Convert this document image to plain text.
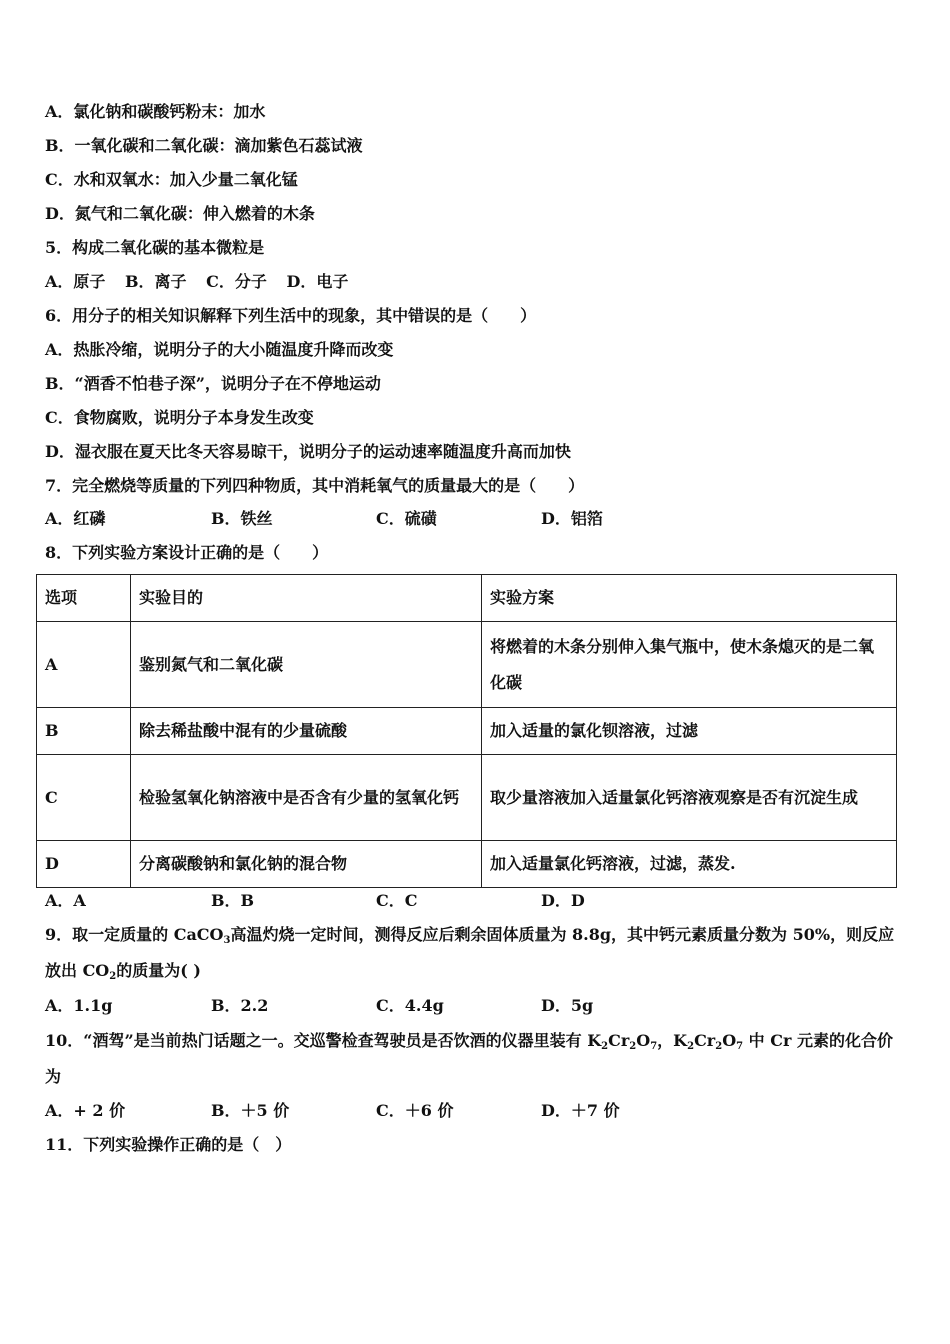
A．氯化钠和碳酸钙粉末：加水
B．一氧化碳和二氧化碳：滴加紫色石蕊试液
C．水和双氧水：加入少量二氧化锰
D．氮气和二氧化碳：伸入燃着的木条
5．构成二氧化碳的基本微粒是
A．原子 B．离子 C．分子 D．电子
6．用分子的相关知识解释下列生活中的现象，其中错误的是（　　）
A．热胀冷缩，说明分子的大小随温度升降而改变
B．“酒香不怕巷子深”，说明分子在不停地运动
C．食物腐败，说明分子本身发生改变
D．湿衣服在夏天比冬天容易晾干，说明分子的运动速率随温度升高而加快
7．完全燃烧等质量的下列四种物质，其中消耗氧气的质量最大的是（　　）
A．红磷	B．铁丝	C．硫磺	D．铝箔
8．下列实验方案设计正确的是（　　）
选项	实验目的	实验方案
A	鉴别氮气和二氧化碳	将燃着的木条分别伸入集气瓶中，使木条熄灭的是二氧化碳
B	除去稀盐酸中混有的少量硫酸	加入适量的氯化钡溶液，过滤
C	检验氢氧化钠溶液中是否含有少量的氢氧化钙	取少量溶液加入适量氯化钙溶液观察是否有沉淀生成
D	分离碳酸钠和氯化钠的混合物	加入适量氯化钙溶液，过滤，蒸发.
A．A	B．B	C．C	D．D
9．取一定质量的 CaCO$_3$高温灼烧一定时间，测得反应后剩余固体质量为 8.8g，其中钙元素质量分数为 50%，则反应放出 $CO_2$的质量为( )
A．1.1g	B．2.2	C．4.4g	D．5g
10．“酒驾”是当前热门话题之一。交巡警检查驾驶员是否饮酒的仪器里装有 $K_2Cr_2O_7$，$K_2Cr_2O_7$ 中 Cr 元素的化合价为
A．+ 2 价	B．＋5 价	C．＋6 价	D．＋7 价
11．下列实验操作正确的是（　）
